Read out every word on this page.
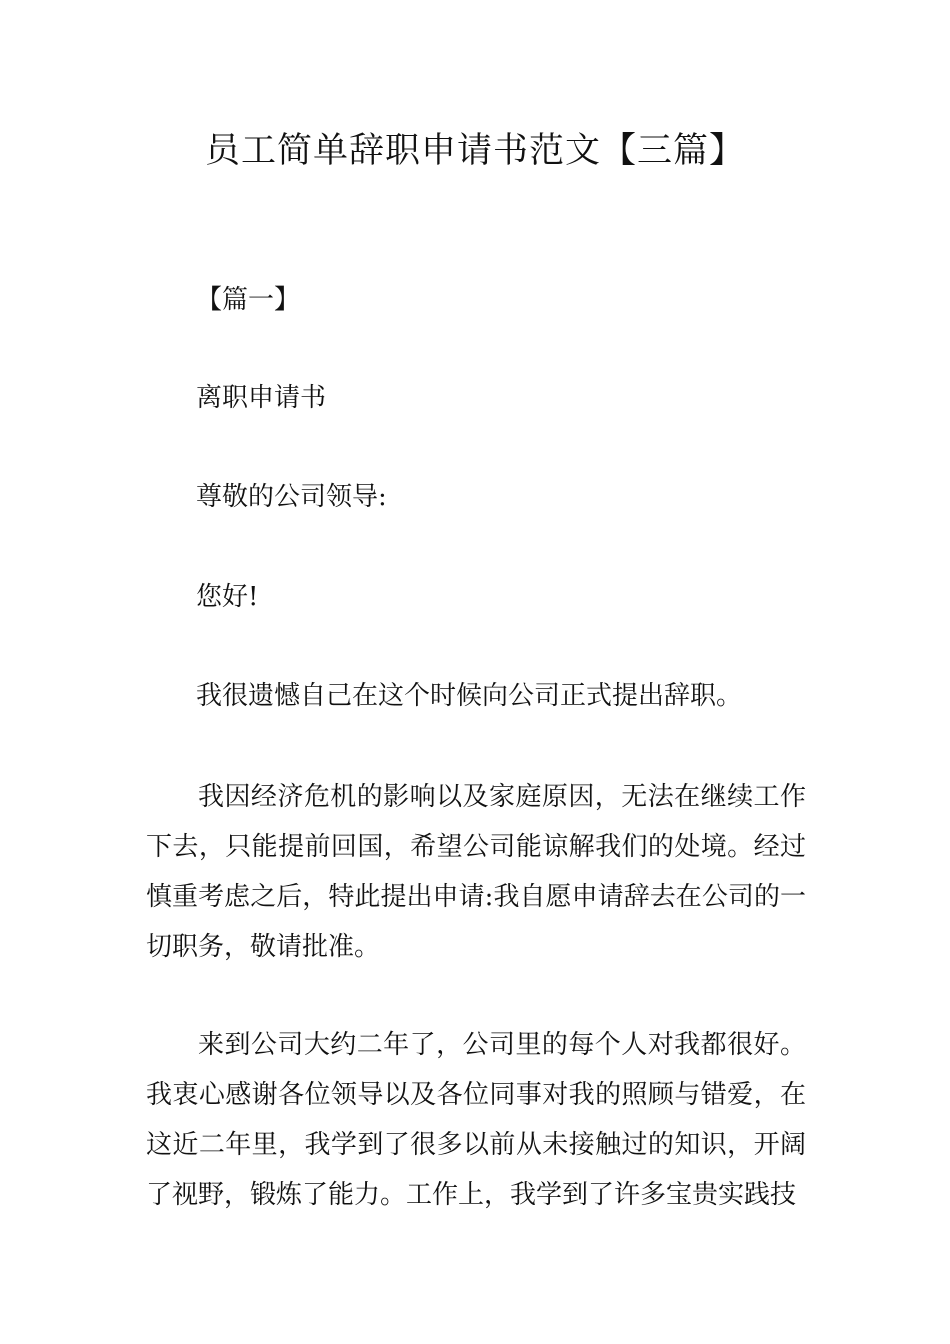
员工简单辞职申请书范文【三篇】

【篇一】

离职申请书

尊敬的公司领导:

您好!

我很遗憾自己在这个时候向公司正式提出辞职。

我因经济危机的影响以及家庭原因，无法在继续工作下去，只能提前回国，希望公司能谅解我们的处境。经过慎重考虑之后，特此提出申请:我自愿申请辞去在公司的一切职务，敬请批准。

来到公司大约二年了，公司里的每个人对我都很好。我衷心感谢各位领导以及各位同事对我的照顾与错爱，在这近二年里，我学到了很多以前从未接触过的知识，开阔了视野，锻炼了能力。工作上，我学到了许多宝贵实践技
